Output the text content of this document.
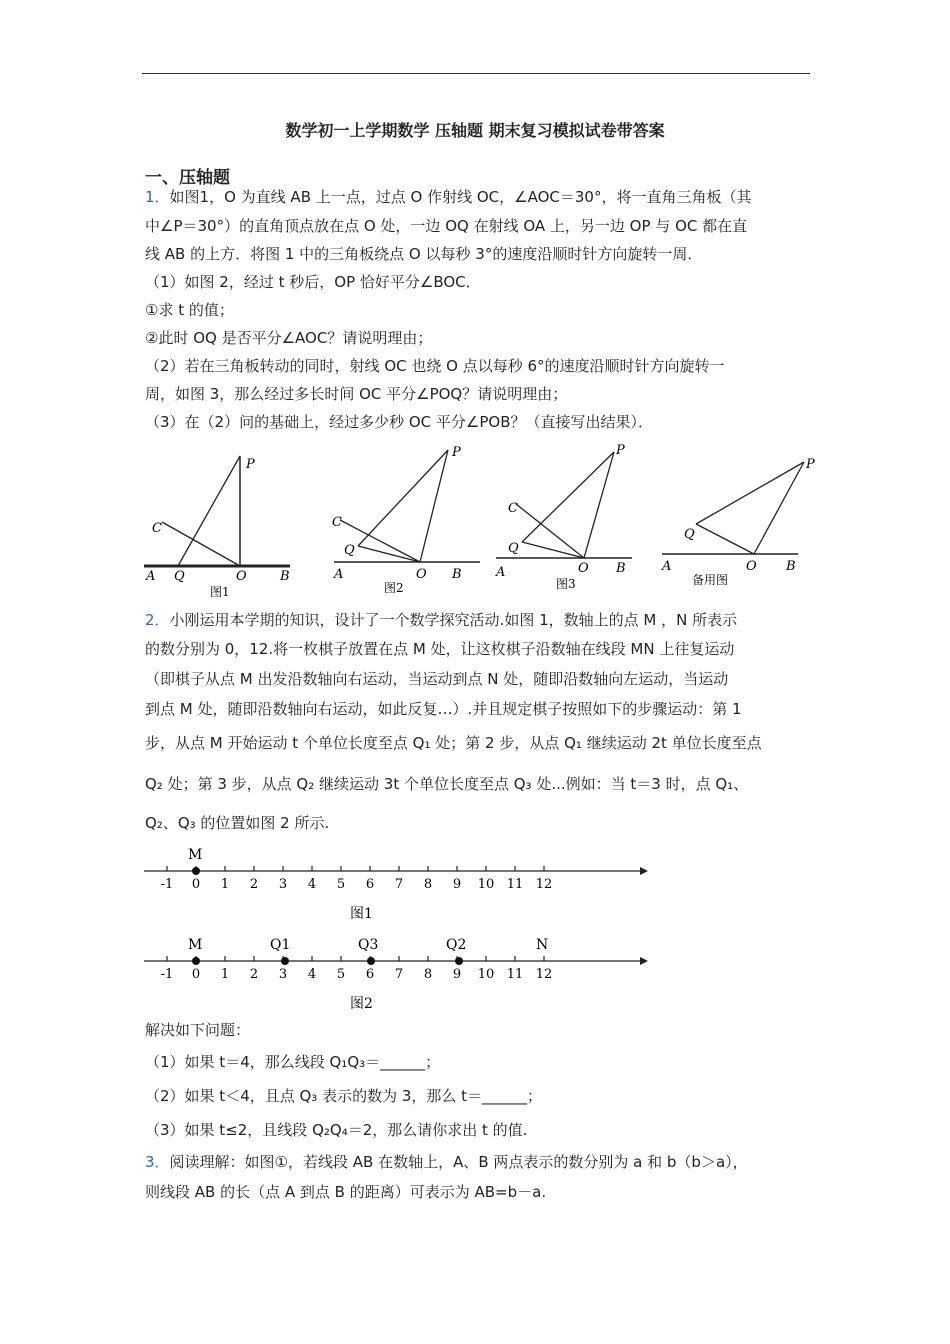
数学初一上学期数学 压轴题 期末复习模拟试卷带答案
一、压轴题
1．如图1，O 为直线 AB 上一点，过点 O 作射线 OC，∠AOC＝30°，将一直角三角板（其
中∠P＝30°）的直角顶点放在点 O 处，一边 OQ 在射线 OA 上，另一边 OP 与 OC 都在直
线 AB 的上方．将图 1 中的三角板绕点 O 以每秒 3°的速度沿顺时针方向旋转一周．
（1）如图 2，经过 t 秒后，OP 恰好平分∠BOC．
①求 t 的值；
②此时 OQ 是否平分∠AOC？请说明理由；
（2）若在三角板转动的同时，射线 OC 也绕 O 点以每秒 6°的速度沿顺时针方向旋转一
周，如图 3，那么经过多长时间 OC 平分∠POQ？请说明理由；
（3）在（2）问的基础上，经过多少秒 OC 平分∠POB？（直接写出结果）．
P
C
A Q	O	B
图1
P
C
Q
A	O B
图2
P
C
Q
A	O B
图3
P
Q
A	O B
备用图
2．小刚运用本学期的知识，设计了一个数学探究活动.如图 1，数轴上的点 M ，N 所表示
的数分别为 0，12.将一枚棋子放置在点 M 处，让这枚棋子沿数轴在线段 MN 上往复运动
（即棋子从点 M 出发沿数轴向右运动，当运动到点 N 处，随即沿数轴向左运动，当运动
到点 M 处，随即沿数轴向右运动，如此反复…）.并且规定棋子按照如下的步骤运动：第 1
步，从点 M 开始运动 t 个单位长度至点 Q₁ 处；第 2 步，从点 Q₁ 继续运动 2t 单位长度至点
Q₂ 处；第 3 步，从点 Q₂ 继续运动 3t 个单位长度至点 Q₃ 处...例如：当 t＝3 时，点 Q₁、
Q₂、Q₃ 的位置如图 2 所示.
-1 0 1 2 3 4 5 6 7 8 9 10 11 12
M
图1
-1 0 1 2 3 4 5 6 7 8 9 10 11 12
M	Q1	Q3	Q2	N
图2
解决如下问题：
（1）如果 t＝4，那么线段 Q₁Q₃＝______；
（2）如果 t＜4，且点 Q₃ 表示的数为 3，那么 t＝______；
（3）如果 t≤2，且线段 Q₂Q₄＝2，那么请你求出 t 的值.
3．阅读理解：如图①，若线段 AB 在数轴上，A、B 两点表示的数分别为 a 和 b（b＞a），
则线段 AB 的长（点 A 到点 B 的距离）可表示为 AB=b－a.
